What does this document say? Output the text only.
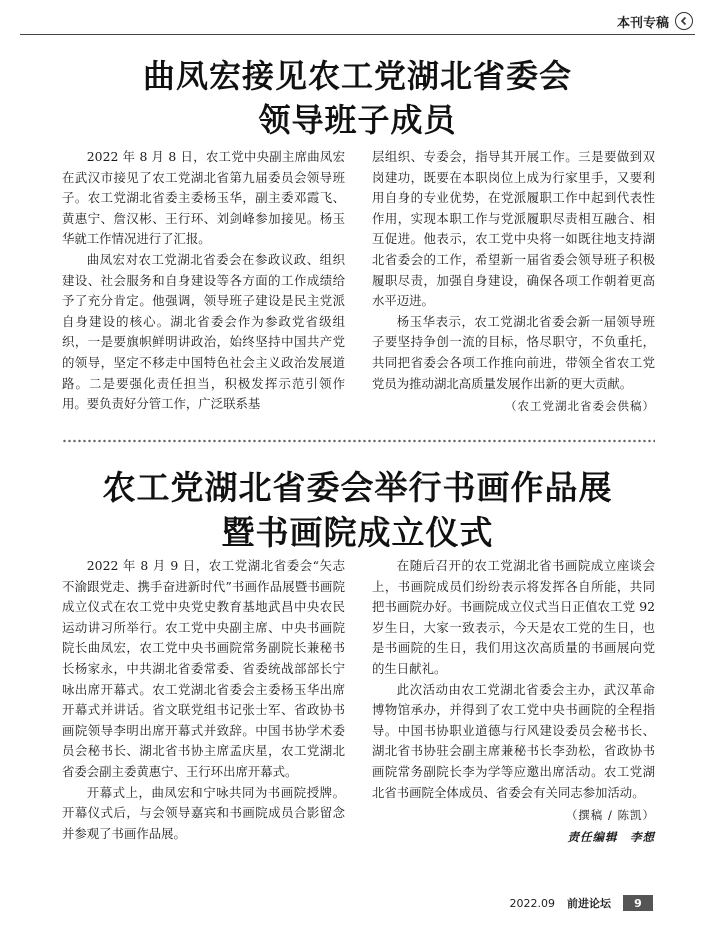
本刊专稿
曲凤宏接见农工党湖北省委会
领导班子成员

2022 年 8 月 8 日，农工党中央副主席曲凤宏在武汉市接见了农工党湖北省第九届委员会领导班子。农工党湖北省委主委杨玉华，副主委邓霞飞、黄惠宁、詹汉彬、王行环、刘剑峰参加接见。杨玉华就工作情况进行了汇报。

曲凤宏对农工党湖北省委会在参政议政、组织建设、社会服务和自身建设等各方面的工作成绩给予了充分肯定。他强调，领导班子建设是民主党派自身建设的核心。湖北省委会作为参政党省级组织，一是要旗帜鲜明讲政治，始终坚持中国共产党的领导，坚定不移走中国特色社会主义政治发展道路。二是要强化责任担当，积极发挥示范引领作用。要负责好分管工作，广泛联系基

层组织、专委会，指导其开展工作。三是要做到双岗建功，既要在本职岗位上成为行家里手，又要利用自身的专业优势，在党派履职工作中起到代表性作用，实现本职工作与党派履职尽责相互融合、相互促进。他表示，农工党中央将一如既往地支持湖北省委会的工作，希望新一届省委会领导班子积极履职尽责，加强自身建设，确保各项工作朝着更高水平迈进。

杨玉华表示，农工党湖北省委会新一届领导班子要坚持争创一流的目标，恪尽职守，不负重托，共同把省委会各项工作推向前进，带领全省农工党党员为推动湖北高质量发展作出新的更大贡献。

（农工党湖北省委会供稿）

农工党湖北省委会举行书画作品展
暨书画院成立仪式

2022 年 8 月 9 日，农工党湖北省委会“矢志不渝跟党走、携手奋进新时代”书画作品展暨书画院成立仪式在农工党中央党史教育基地武昌中央农民运动讲习所举行。农工党中央副主席、中央书画院院长曲凤宏，农工党中央书画院常务副院长兼秘书长杨家永，中共湖北省委常委、省委统战部部长宁咏出席开幕式。农工党湖北省委会主委杨玉华出席开幕式并讲话。省文联党组书记张士军、省政协书画院领导李明出席开幕式并致辞。中国书协学术委员会秘书长、湖北省书协主席孟庆星，农工党湖北省委会副主委黄惠宁、王行环出席开幕式。

开幕式上，曲凤宏和宁咏共同为书画院授牌。开幕仪式后，与会领导嘉宾和书画院成员合影留念并参观了书画作品展。

在随后召开的农工党湖北省书画院成立座谈会上，书画院成员们纷纷表示将发挥各自所能，共同把书画院办好。书画院成立仪式当日正值农工党 92 岁生日，大家一致表示，今天是农工党的生日，也是书画院的生日，我们用这次高质量的书画展向党的生日献礼。

此次活动由农工党湖北省委会主办，武汉革命博物馆承办，并得到了农工党中央书画院的全程指导。中国书协职业道德与行风建设委员会秘书长、湖北省书协驻会副主席兼秘书长李劲松，省政协书画院常务副院长李为学等应邀出席活动。农工党湖北省书画院全体成员、省委会有关同志参加活动。

（撰稿 / 陈凯）

责任编辑　李想

2022.09 前进论坛	9
